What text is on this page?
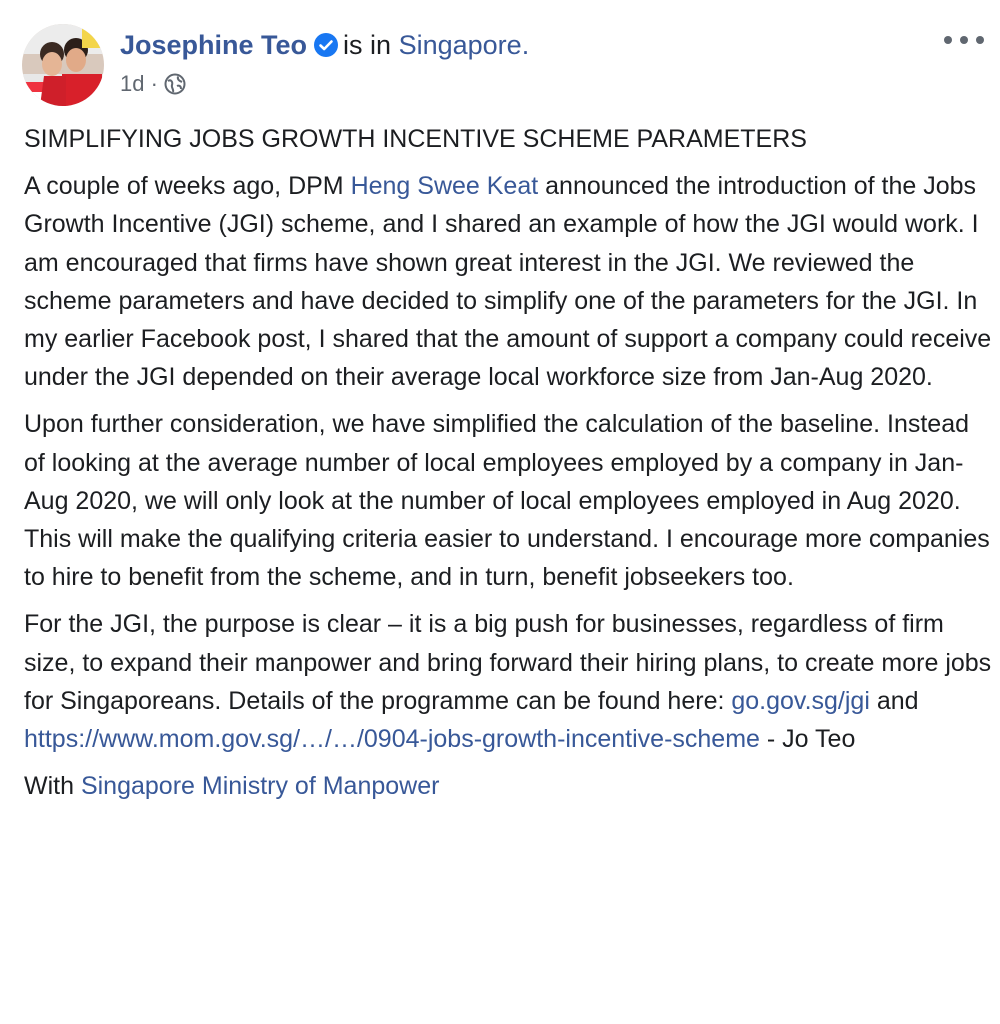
Josephine Teo is in Singapore.
1d ·

SIMPLIFYING JOBS GROWTH INCENTIVE SCHEME PARAMETERS

A couple of weeks ago, DPM Heng Swee Keat announced the introduction of the Jobs Growth Incentive (JGI) scheme, and I shared an example of how the JGI would work. I am encouraged that firms have shown great interest in the JGI. We reviewed the scheme parameters and have decided to simplify one of the parameters for the JGI. In my earlier Facebook post, I shared that the amount of support a company could receive under the JGI depended on their average local workforce size from Jan-Aug 2020.

Upon further consideration, we have simplified the calculation of the baseline. Instead of looking at the average number of local employees employed by a company in Jan-Aug 2020, we will only look at the number of local employees employed in Aug 2020. This will make the qualifying criteria easier to understand. I encourage more companies to hire to benefit from the scheme, and in turn, benefit jobseekers too.

For the JGI, the purpose is clear – it is a big push for businesses, regardless of firm size, to expand their manpower and bring forward their hiring plans, to create more jobs for Singaporeans. Details of the programme can be found here: go.gov.sg/jgi and https://www.mom.gov.sg/…/…/0904-jobs-growth-incentive-scheme - Jo Teo

With Singapore Ministry of Manpower
